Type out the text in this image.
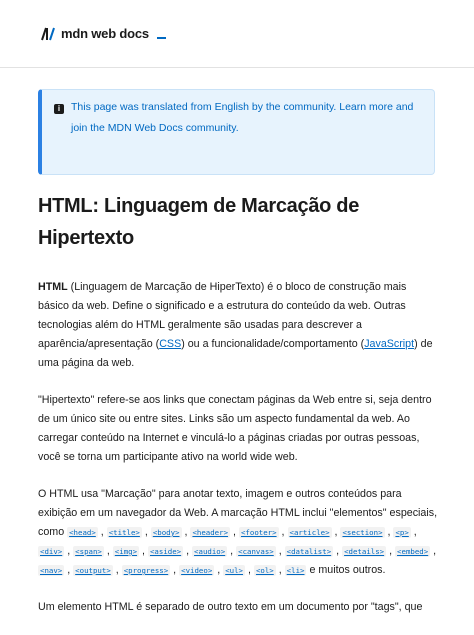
mdn web docs
i	This page was translated from English by the community. Learn more and join the MDN Web Docs community.
HTML: Linguagem de Marcação de Hipertexto

HTML (Linguagem de Marcação de HiperTexto) é o bloco de construção mais básico da web. Define o significado e a estrutura do conteúdo da web. Outras tecnologias além do HTML geralmente são usadas para descrever a aparência/apresentação (CSS) ou a funcionalidade/comportamento (JavaScript) de uma página da web.

"Hipertexto" refere-se aos links que conectam páginas da Web entre si, seja dentro de um único site ou entre sites. Links são um aspecto fundamental da web. Ao carregar conteúdo na Internet e vinculá-lo a páginas criadas por outras pessoas, você se torna um participante ativo na world wide web.

O HTML usa "Marcação" para anotar texto, imagem e outros conteúdos para exibição em um navegador da Web. A marcação HTML inclui "elementos" especiais, como <head> , <title> , <body> , <header> , <footer> , <article> , <section> , <p> , <div> , <span> , <img> , <aside> , <audio> , <canvas> , <datalist> , <details> , <embed> , <nav> , <output> , <progress> , <video> , <ul> , <ol> , <li> e muitos outros.

Um elemento HTML é separado de outro texto em um documento por "tags", que
